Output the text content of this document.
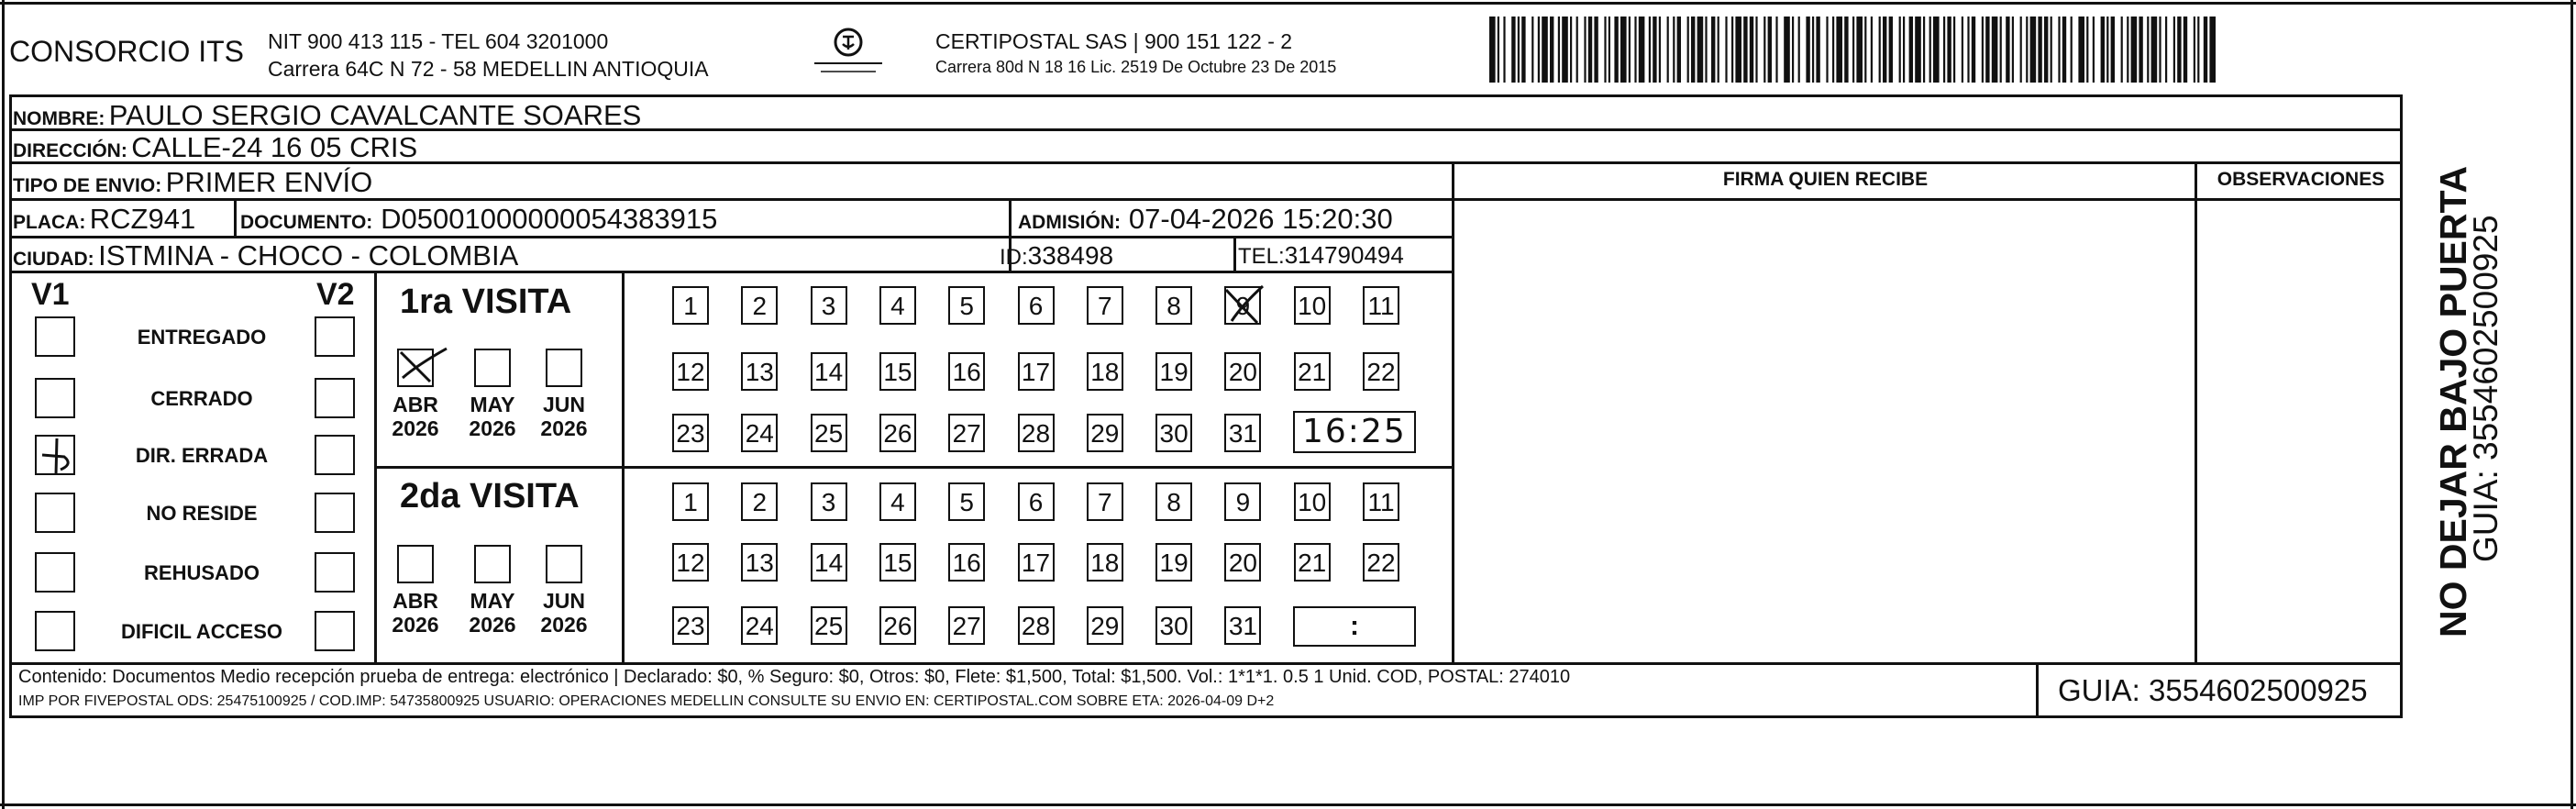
CONSORCIO ITS NIT 900 413 115 - TEL 604 3201000
Carrera 64C N 72 - 58 MEDELLIN ANTIOQUIA
CERTIPOSTAL SAS | 900 151 122 - 2
Carrera 80d N 18 16 Lic. 2519 De Octubre 23 De 2015
NOMBRE: PAULO SERGIO CAVALCANTE SOARES
DIRECCIÓN: CALLE-24 16 05 CRIS
TIPO DE ENVIO: PRIMER ENVÍO	FIRMA QUIEN RECIBE	OBSERVACIONES
PLACA: RCZ941 DOCUMENTO: D050010000000543839​15	ADMISIÓN: 07-04-2026 15:20:30
CIUDAD: ISTMINA - CHOCO - COLOMBIA	ID:338498	TEL:314790494
V1	V2
ENTREGADO
CERRADO
DIR. ERRADA
NO RESIDE
REHUSADO
DIFICIL ACCESO
1ra VISITA
ABR
2026
MAY
2026
JUN
2026
1	2	3	4	5	6	7	8	9	10 11
12 13 14 15 16 17 18 19 20 21 22
23 24 25 26 27 28 29 30 31 16:25
2da VISITA
ABR
2026
MAY
2026
JUN
2026
1	2	3	4	5	6	7	8	9	10 11
12 13 14 15 16 17 18 19 20 21 22
23 24 25 26 27 28 29 30 31	:
Contenido: Documentos Medio recepción prueba de entrega: electrónico | Declarado: $0, % Seguro: $0, Otros: $0, Flete: $1,500, Total: $1,500. Vol.: 1*1*1. 0.5 1 Unid. COD, POSTAL: 274010
IMP POR FIVEPOSTAL ODS: 25475100925 / COD.IMP: 54735800925 USUARIO: OPERACIONES MEDELLIN CONSULTE SU ENVIO EN: CERTIPOSTAL.COM SOBRE ETA: 2026-04-09 D+2	GUIA: 3554602500925
NO DEJAR BAJO PUERTA
GUIA: 3554602500925
